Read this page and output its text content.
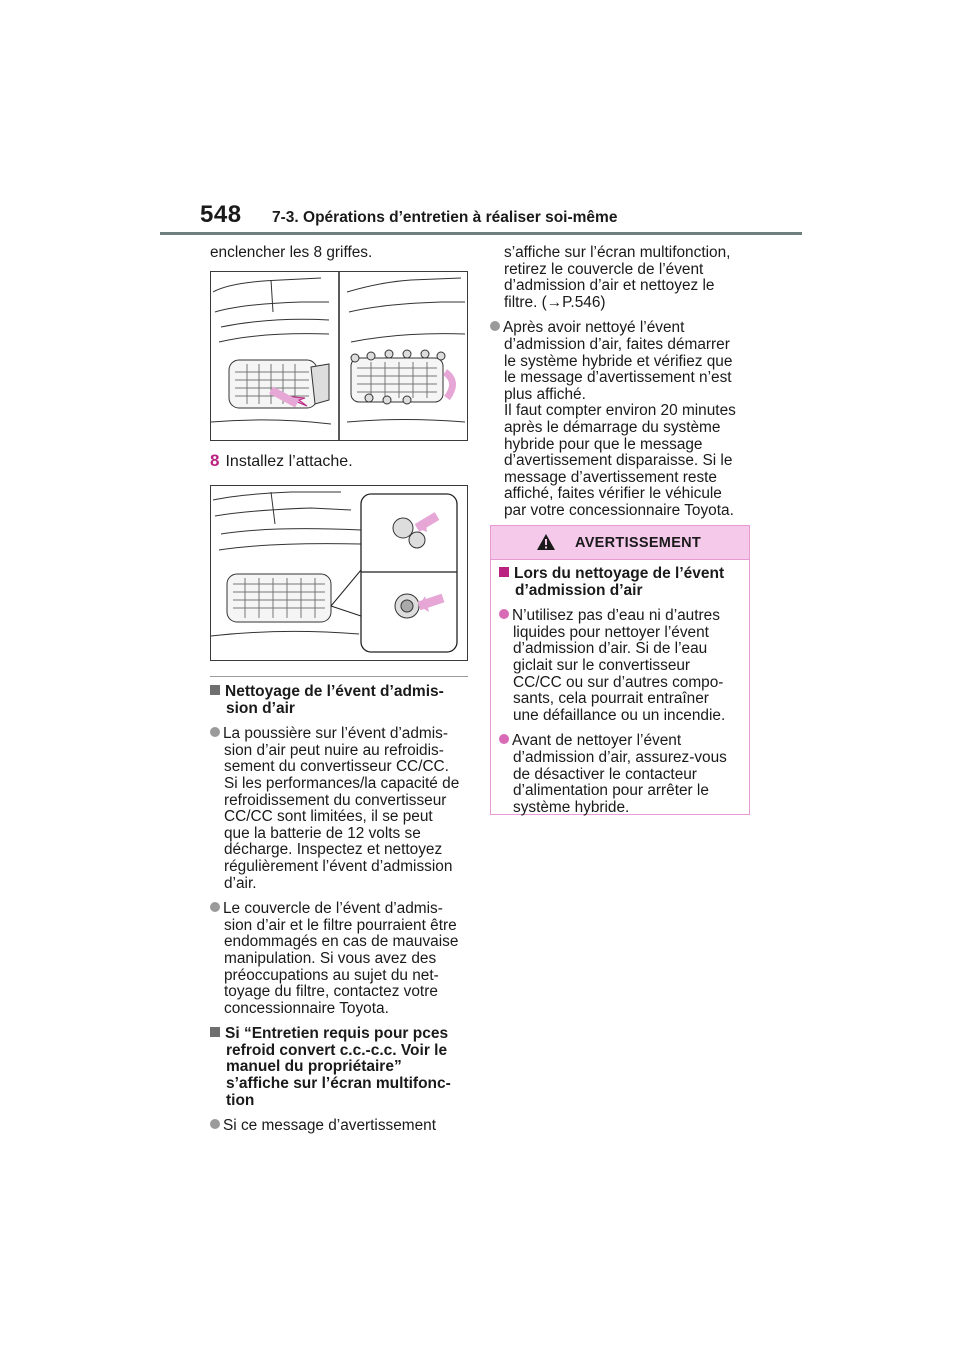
548 7-3. Opérations d’entretien à réaliser soi-même

enclencher les 8 griffes.

8 Installez l’attache.

Nettoyage de l’évent d’admis-
sion d’air

La poussière sur l’évent d’admis-
sion d’air peut nuire au refroidis-
sement du convertisseur CC/CC.
Si les performances/la capacité de
refroidissement du convertisseur
CC/CC sont limitées, il se peut
que la batterie de 12 volts se
décharge. Inspectez et nettoyez
régulièrement l’évent d’admission
d’air.

Le couvercle de l’évent d’admis-
sion d’air et le filtre pourraient être
endommagés en cas de mauvaise
manipulation. Si vous avez des
préoccupations au sujet du net-
toyage du filtre, contactez votre
concessionnaire Toyota.

Si “Entretien requis pour pces
refroid convert c.c.-c.c. Voir le
manuel du propriétaire”
s’affiche sur l’écran multifonc-
tion

Si ce message d’avertissement

s’affiche sur l’écran multifonction,
retirez le couvercle de l’évent
d’admission d’air et nettoyez le
filtre. (→P.546)

Après avoir nettoyé l’évent
d’admission d’air, faites démarrer
le système hybride et vérifiez que
le message d’avertissement n’est
plus affiché.
Il faut compter environ 20 minutes
après le démarrage du système
hybride pour que le message
d’avertissement disparaisse. Si le
message d’avertissement reste
affiché, faites vérifier le véhicule
par votre concessionnaire Toyota.

AVERTISSEMENT

Lors du nettoyage de l’évent
d’admission d’air

N’utilisez pas d’eau ni d’autres
liquides pour nettoyer l’évent
d’admission d’air. Si de l’eau
giclait sur le convertisseur
CC/CC ou sur d’autres compo-
sants, cela pourrait entraîner
une défaillance ou un incendie.

Avant de nettoyer l’évent
d’admission d’air, assurez-vous
de désactiver le contacteur
d’alimentation pour arrêter le
système hybride.
